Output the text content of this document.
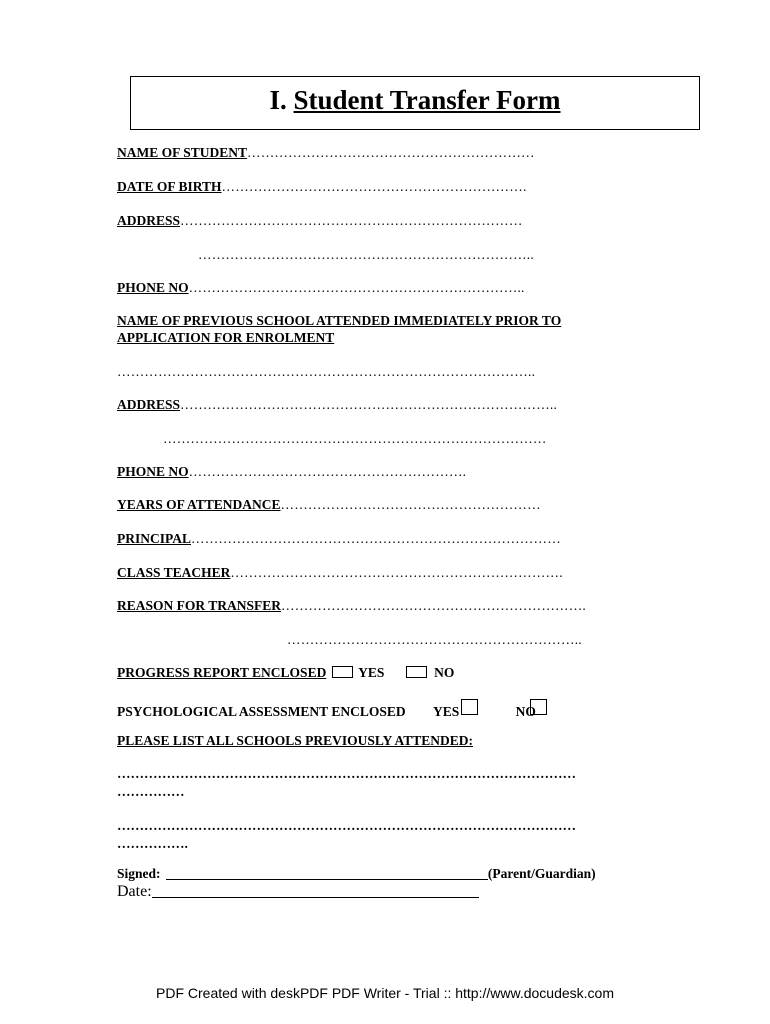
I. Student Transfer Form
NAME OF STUDENT………………………………………………………
DATE OF BIRTH………………………………………………………….
ADDRESS…………………………………………………………………
………………………………………………………………..
PHONE NO………………………………………………………………..
NAME OF PREVIOUS SCHOOL ATTENDED IMMEDIATELY PRIOR TO
APPLICATION FOR ENROLMENT
………………………………………………………………………………..
ADDRESS………………………………………………………………………..
…………………………………………………………………………
PHONE NO…………………………………………………….
YEARS OF ATTENDANCE…………………………………………………
PRINCIPAL………………………………………………………………………
CLASS TEACHER……………………………………………………………….
REASON FOR TRANSFER………………………………………………………….
………………………………………………………..
PROGRESS REPORT ENCLOSED YES	NO
PSYCHOLOGICAL ASSESSMENT ENCLOSED YES	NO
PLEASE LIST ALL SCHOOLS PREVIOUSLY ATTENDED:
…………………………………………………………………………………………
……………
…………………………………………………………………………………………
…………….
Signed:	(Parent/Guardian)
Date:
PDF Created with deskPDF PDF Writer - Trial :: http://www.docudesk.com
